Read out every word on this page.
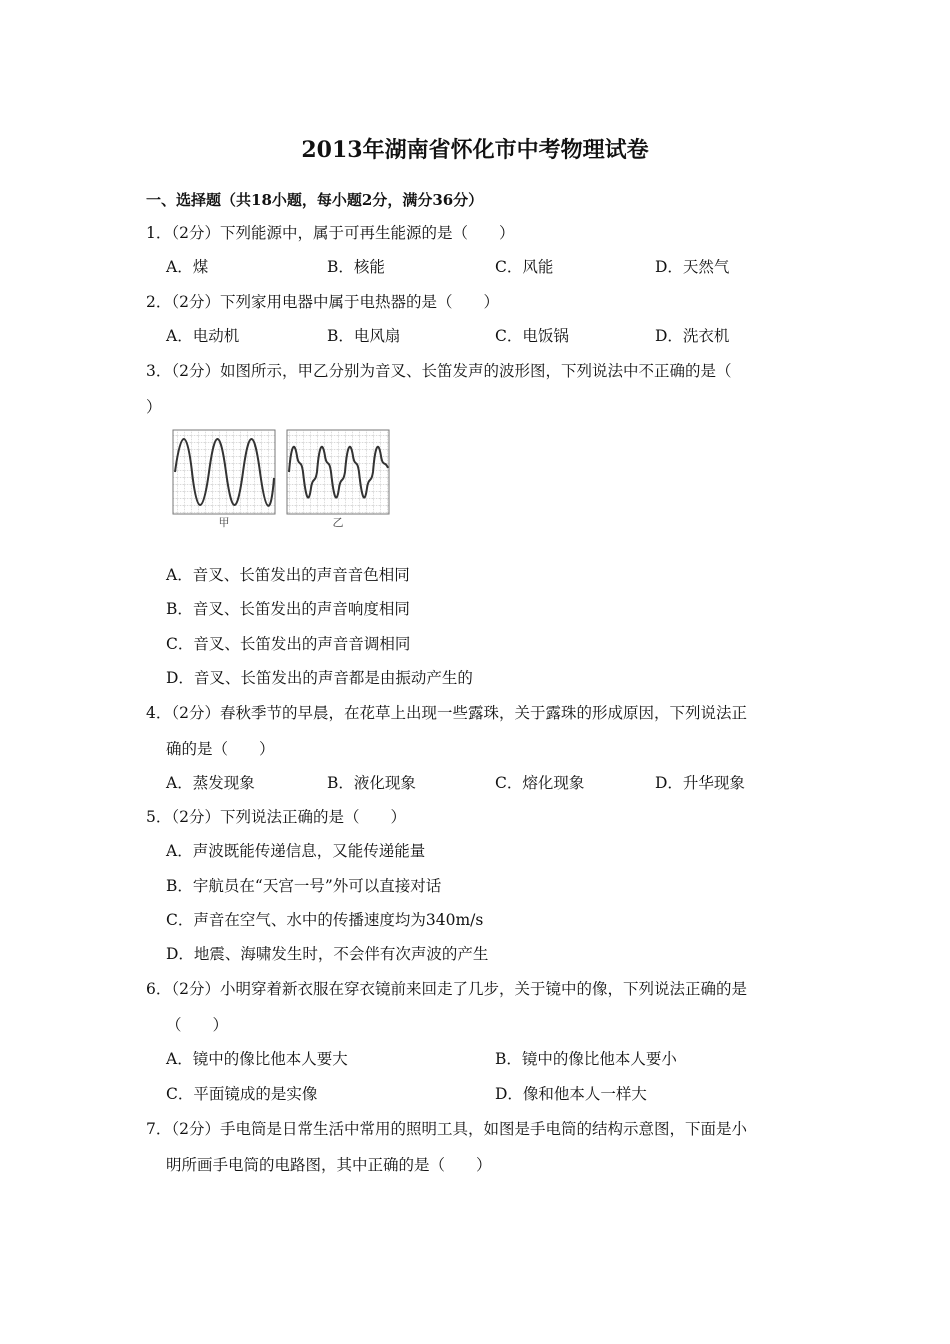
2013年湖南省怀化市中考物理试卷
一、选择题（共18小题，每小题2分，满分36分）
1．（2分）下列能源中，属于可再生能源的是（　　）
A．煤	B．核能	C．风能	D．天然气
2．（2分）下列家用电器中属于电热器的是（　　）
A．电动机	B．电风扇	C．电饭锅	D．洗衣机
3．（2分）如图所示，甲乙分别为音叉、长笛发声的波形图，下列说法中不正确的是（
）
甲	乙
A．音叉、长笛发出的声音音色相同
B．音叉、长笛发出的声音响度相同
C．音叉、长笛发出的声音音调相同
D．音叉、长笛发出的声音都是由振动产生的
4．（2分）春秋季节的早晨，在花草上出现一些露珠，关于露珠的形成原因，下列说法正
确的是（　　）
A．蒸发现象	B．液化现象	C．熔化现象	D．升华现象
5．（2分）下列说法正确的是（　　）
A．声波既能传递信息，又能传递能量
B．宇航员在“天宫一号”外可以直接对话
C．声音在空气、水中的传播速度均为340m/s
D．地震、海啸发生时，不会伴有次声波的产生
6．（2分）小明穿着新衣服在穿衣镜前来回走了几步，关于镜中的像，下列说法正确的是
（　　）
A．镜中的像比他本人要大	B．镜中的像比他本人要小
C．平面镜成的是实像	D．像和他本人一样大
7．（2分）手电筒是日常生活中常用的照明工具，如图是手电筒的结构示意图，下面是小
明所画手电筒的电路图，其中正确的是（　　）
